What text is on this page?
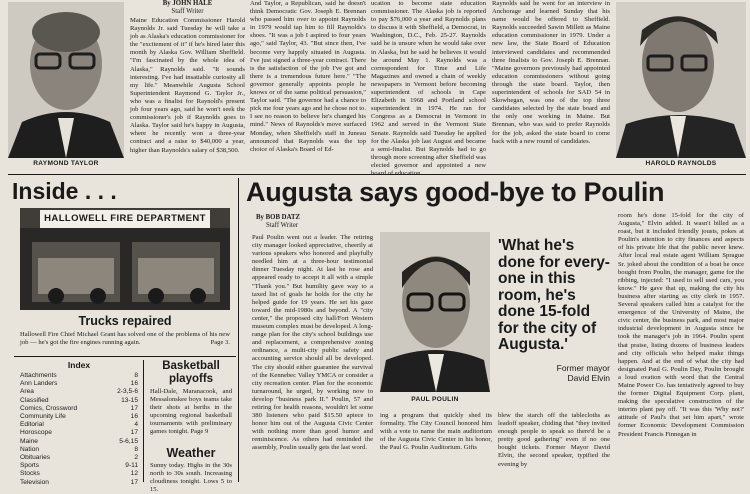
RAYMOND TAYLOR
By JOHN HALE
Staff Writer
Maine Education Commissioner Harold Raynolds Jr. said Tuesday he will take a job as Alaska's education commissioner for the "excitement of it" if he's hired later this month by Alaska Gov. William Sheffield. "I'm fascinated by the whole idea of Alaska," Raynolds said. "It sounds interesting. I've had insatiable curiosity all my life." Meanwhile Augusta School Superintendent Raymond G. Taylor Jr., who was a finalist for Raynold's present job four years ago, said he won't seek the commissioner's job if Raynolds goes to Alaska. Taylor said he's happy in Augusta, where he recently won a three-year contract and a raise to $40,000 a year, higher than Raynolds's salary of $38,500.
And Taylor, a Republican, said he doesn't think Democratic Gov. Joseph E. Brennan who passed him over to appoint Raynolds in 1979 would tap him to fill Raynolds's shoes. "It was a job I aspired to four years ago," said Taylor, 43. "But since then, I've become very happily situated in Augusta. I've just signed a three-year contract. There is the satisfaction of the job I've got and there is a tremendous future here." "The governor generally appoints people he knows or of the same political persuasion," Taylor said. "The governor had a chance to pick me four years ago and he chose not to. I see no reason to believe he's changed his mind." News of Raynolds's move surfaced Monday, when Sheffield's staff in Juneau announced that Raynolds was the top choice of Alaska's Board of Ed-
ucation to become state education commissioner. The Alaska job is reported to pay $76,000 a year and Raynolds plans to discuss it with Sheffield, a Democrat, in Washington, D.C., Feb. 25-27. Raynolds said he is unsure when he would take over in Alaska, but he said he believes it would be around May 1. Raynolds was a correspondent for Time and Life Magazines and owned a chain of weekly newspapers in Vermont before becoming superintendent of schools in Cape Elizabeth in 1968 and Portland school superintendent in 1974. He ran for Congress as a Democrat in Vermont in 1962 and served in the Vermont State Senate. Raynolds said Tuesday he applied for the Alaska job last August and became a semi-finalist. But Raynolds had to go through more screening after Sheffield was elected governor and appointed a new
Raynolds said he went for an interview in Anchorage and learned Sunday that his name would be offered to Sheffield. Raynolds succeeded Sawin Millett as Maine education commissioner in 1979. Under a new law, the State Board of Education interviewed candidates and recommended three finalists to Gov. Joseph E. Brennan. "Maine governors previously had appointed education commissioners without going through the state board. Taylor, then superintendent of schools for SAD 54 in Skowhegan, was one of the top three candidates selected by the state board and the only one working in Maine. But Brennan, who was said to prefer Raynolds for the job, asked the state board to come back with a new round of candidates.
HAROLD RAYNOLDS
Inside . . .
HALLOWELL FIRE DEPARTMENT
Trucks repaired
Hallowell Fire Chief Michael Grant has solved one of the problems of his new job — he's got the fire engines running again.	Page 3.
Index
Attachments	8
Ann Landers	16
Area	2-3,5-6
Classified	13-15
Comics, Crossword	17
Community Life	16
Editorial	4
Horoscope	17
Maine	5-6,15
Nation	8
Obituaries	2
Sports	9-11
Stocks	12
Television	17
Basketball playoffs
Hall-Dale, Maranacook, and Messalonskee boys teams take their shots at berths in the upcoming regional basketball tournaments with preliminary games tonight. Page 9
Weather
Sunny today. Highs in the 30s north to 30s south. Increasing cloudiness tonight. Lows 5 to 15.
Augusta says good-bye to Poulin
By BOB DATZ
Staff Writer
Paul Poulin went out a leader. The retiring city manager looked appreciative, cheerily at various speakers who honored and playfully needled him at a three-hour testimonial dinner Tuesday night. At last he rose and appeared ready to accept it all with a simple "Thank you." But humility gave way to a taxed list of goals he holds for the city he helped guide for 19 years. He set his gaze toward the mid-1980s and beyond. A "city center," the proposed city hall/Fort Western museum complex must be developed. A long-range plan for the city's school buildings use and replacement, a comprehensive zoning ordinance, a multi-city public safety and accounting service should all be developed. The city should either guarantee the survival of the Kennebec Valley YMCA or consider a city recreation center. Plan for the economic turnaround, he urged, by working now to develop "business park II." Poulin, 57 and retiring for health reasons, wouldn't let some 380 listeners who paid $15.50 apiece to honor him out of the Augusta Civic Center with nothing more than good humor and reminiscence. As others had reminded the assembly, Poulin usually gets the last word.
PAUL POULIN
'What he's done for every-one in this room, he's done 15-fold for the city of Augusta.'
Former mayor
David Elvin
ing a program that quickly shed its formality. The City Council honored him with a vote to name the main auditorium of the Augusta Civic Center in his honor, the Paul G. Poulin Auditorium. Gifts
blew the starch off the tablecloths as leadoff speaker, chiding that "they invited enough people to speak so there'd be a pretty good gathering" even if no one bought tickets. Former Mayor David Elvin, the second speaker, typified the evening by
room he's done 15-fold for the city of Augusta," Elvin added. It wasn't billed as a roast, but it included friendly jousts, pokes at Poulin's attention to city finances and aspects of his private life that the public never knew. After local real estate agent William Sprague Sr. joked about the condition of a boat he once bought from Poulin, the manager, game for the ribbing, injected: "I used to sell used cars, you know." He gave that up, making the city his business after starting as city clerk in 1957. Several speakers called him a catalyst for the emergence of the University of Maine, the civic center, the business park, and most major industrial development in Augusta since he took the manager's job in 1964. Poulin spent that praise, listing dozens of business leaders and city officials who helped make things happen. And at the end of what the city had designated Paul G. Poulin Day, Poulin brought a loud ovation with word that the Central Maine Power Co. has tentatively agreed to buy the former Digital Equipment Corp. plant, making the speculative construction of the interim plant pay off. "It was this 'Why not?' attitude of Paul's that set him apart," wrote former Economic Development Commission President Francis Finnegan in
